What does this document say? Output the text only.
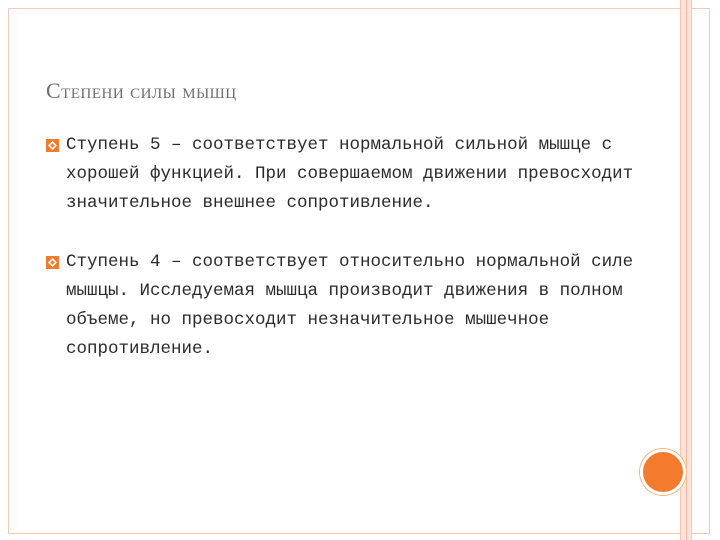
Степени силы мышц
Ступень 5 – соответствует нормальной сильной мышце с хорошей функцией. При совершаемом движении превосходит значительное внешнее сопротивление.
Ступень 4 – соответствует относительно нормальной силе мышцы. Исследуемая мышца производит движения в полном объеме, но превосходит незначительное мышечное сопротивление.
